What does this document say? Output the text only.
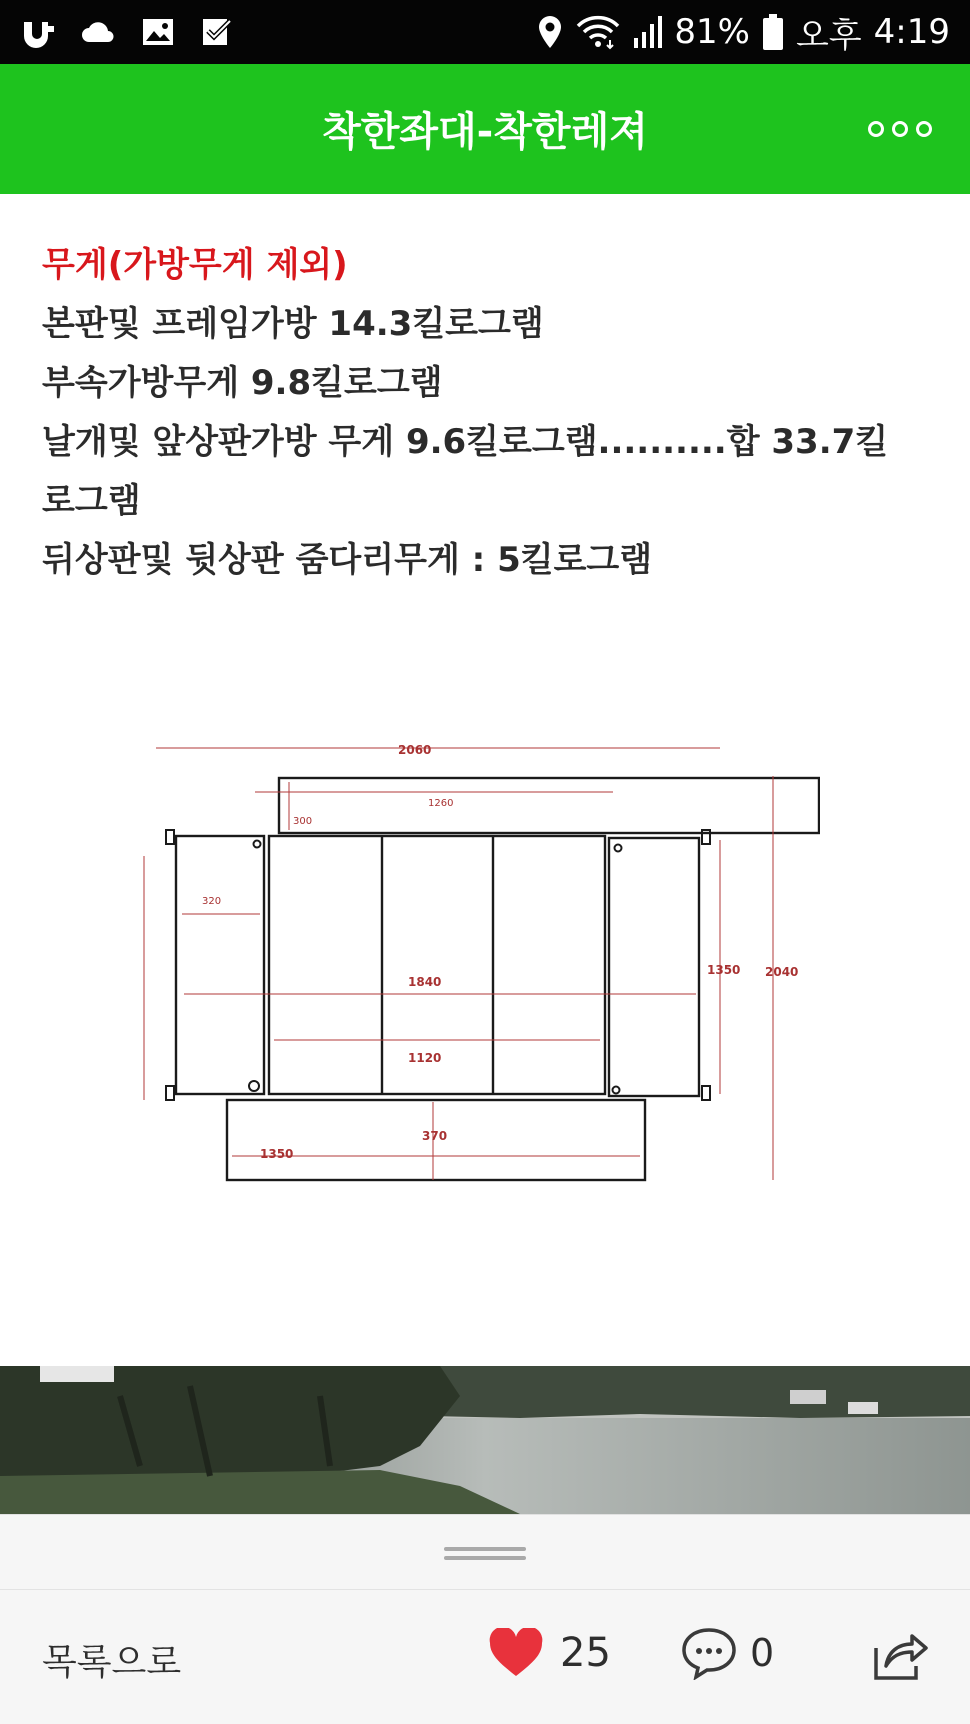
81% 오후 4:19
착한좌대-착한레져
무게(가방무게 제외)
본판및 프레임가방 14.3킬로그램
부속가방무게 9.8킬로그램
날개및 앞상판가방 무게 9.6킬로그램..........합 33.7킬
로그램
뒤상판및 뒷상판 줌다리무게 : 5킬로그램
2060
1260
300
320
1840
1120
1350 2040
370
1350
목록으로	25	0
